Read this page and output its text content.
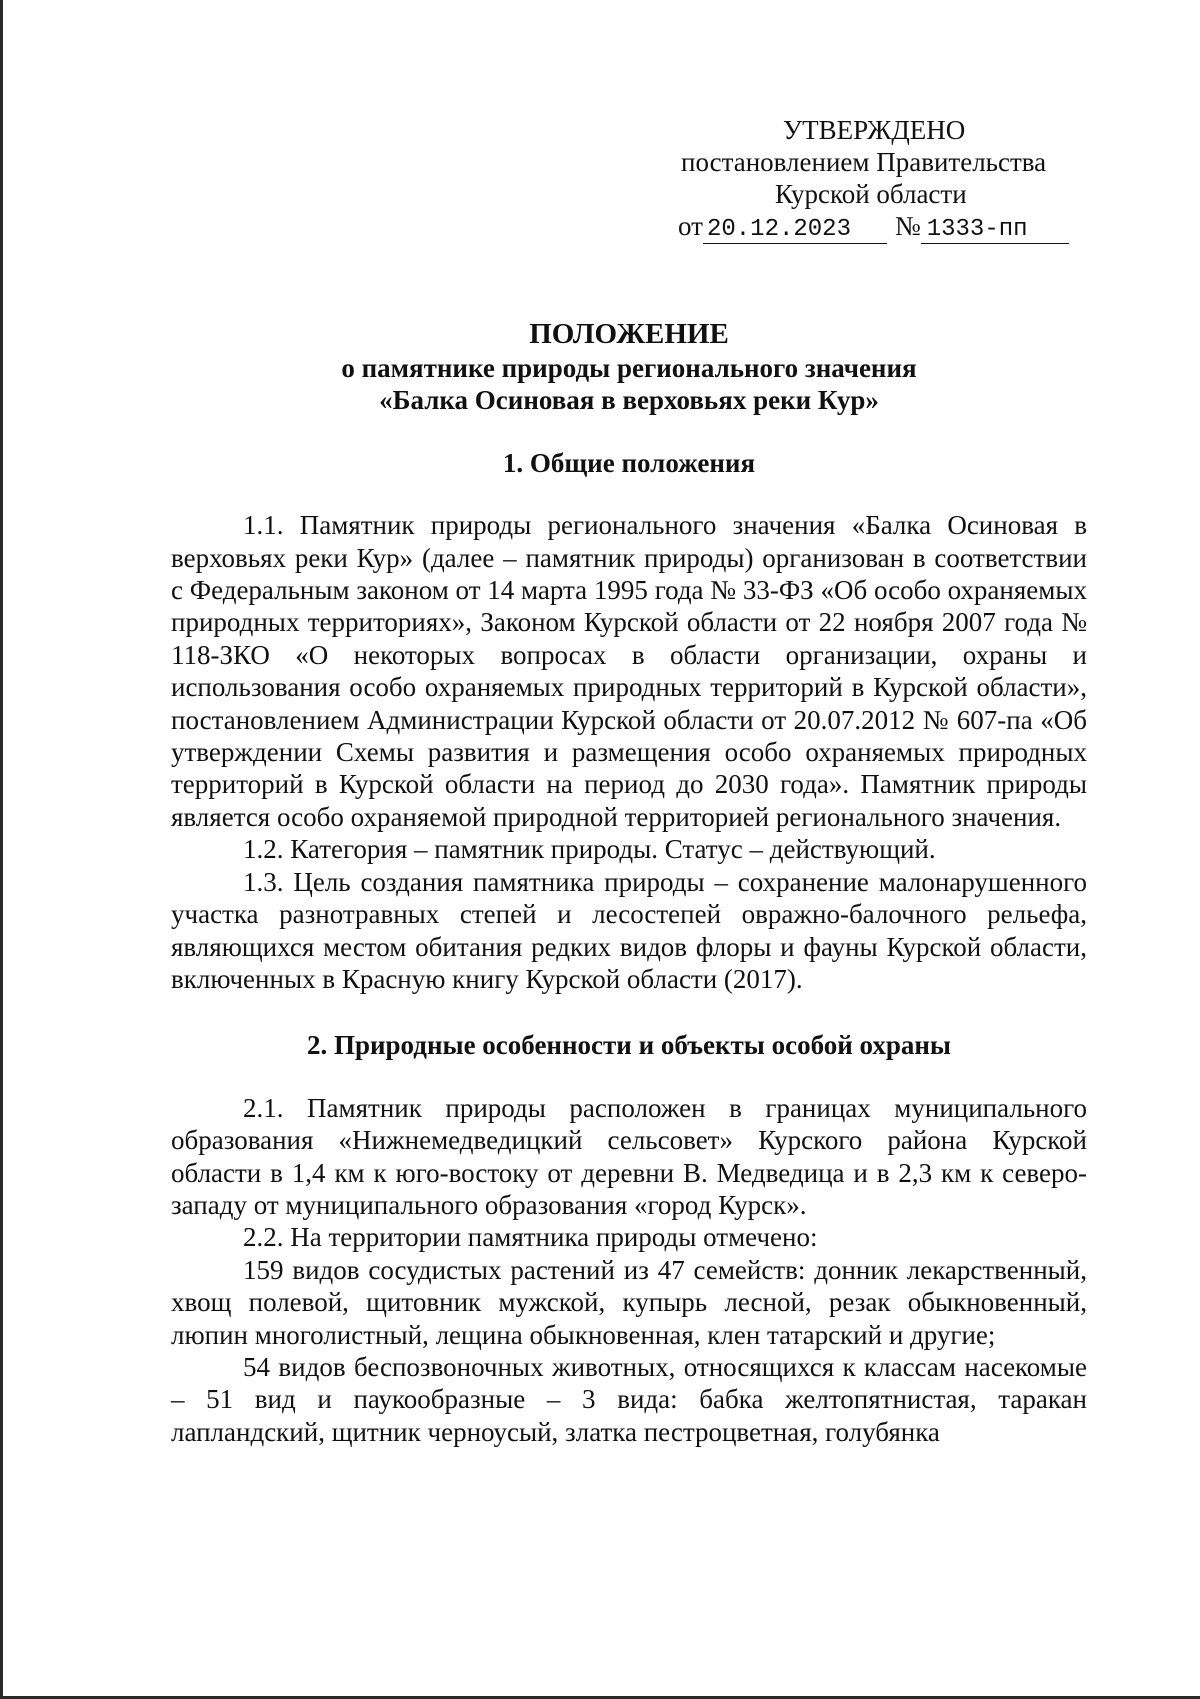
УТВЕРЖДЕНО
постановлением Правительства
Курской области
от 20.12.2023 № 1333-пп

ПОЛОЖЕНИЕ

о памятнике природы регионального значения

«Балка Осиновая в верховьях реки Кур»

1. Общие положения

1.1. Памятник природы регионального значения «Балка Осиновая в верховьях реки Кур» (далее – памятник природы) организован в соответствии с Федеральным законом от 14 марта 1995 года № 33-ФЗ «Об особо охраняемых природных территориях», Законом Курской области от 22 ноября 2007 года № 118-ЗКО «О некоторых вопросах в области организации, охраны и использования особо охраняемых природных территорий в Курской области», постановлением Администрации Курской области от 20.07.2012 № 607-па «Об утверждении Схемы развития и размещения особо охраняемых природных территорий в Курской области на период до 2030 года». Памятник природы является особо охраняемой природной территорией регионального значения.

1.2. Категория – памятник природы. Статус – действующий.

1.3. Цель создания памятника природы – сохранение малонарушенного участка разнотравных степей и лесостепей овражно-балочного рельефа, являющихся местом обитания редких видов флоры и фауны Курской области, включенных в Красную книгу Курской области (2017).

2. Природные особенности и объекты особой охраны

2.1. Памятник природы расположен в границах муниципального образования «Нижнемедведицкий сельсовет» Курского района Курской области в 1,4 км к юго-востоку от деревни В. Медведица и в 2,3 км к северо-западу от муниципального образования «город Курск».

2.2. На территории памятника природы отмечено:

159 видов сосудистых растений из 47 семейств: донник лекарственный, хвощ полевой, щитовник мужской, купырь лесной, резак обыкновенный, люпин многолистный, лещина обыкновенная, клен татарский и другие;

54 видов беспозвоночных животных, относящихся к классам насекомые – 51 вид и паукообразные – 3 вида: бабка желтопятнистая, таракан лапландский, щитник черноусый, златка пестроцветная, голубянка
